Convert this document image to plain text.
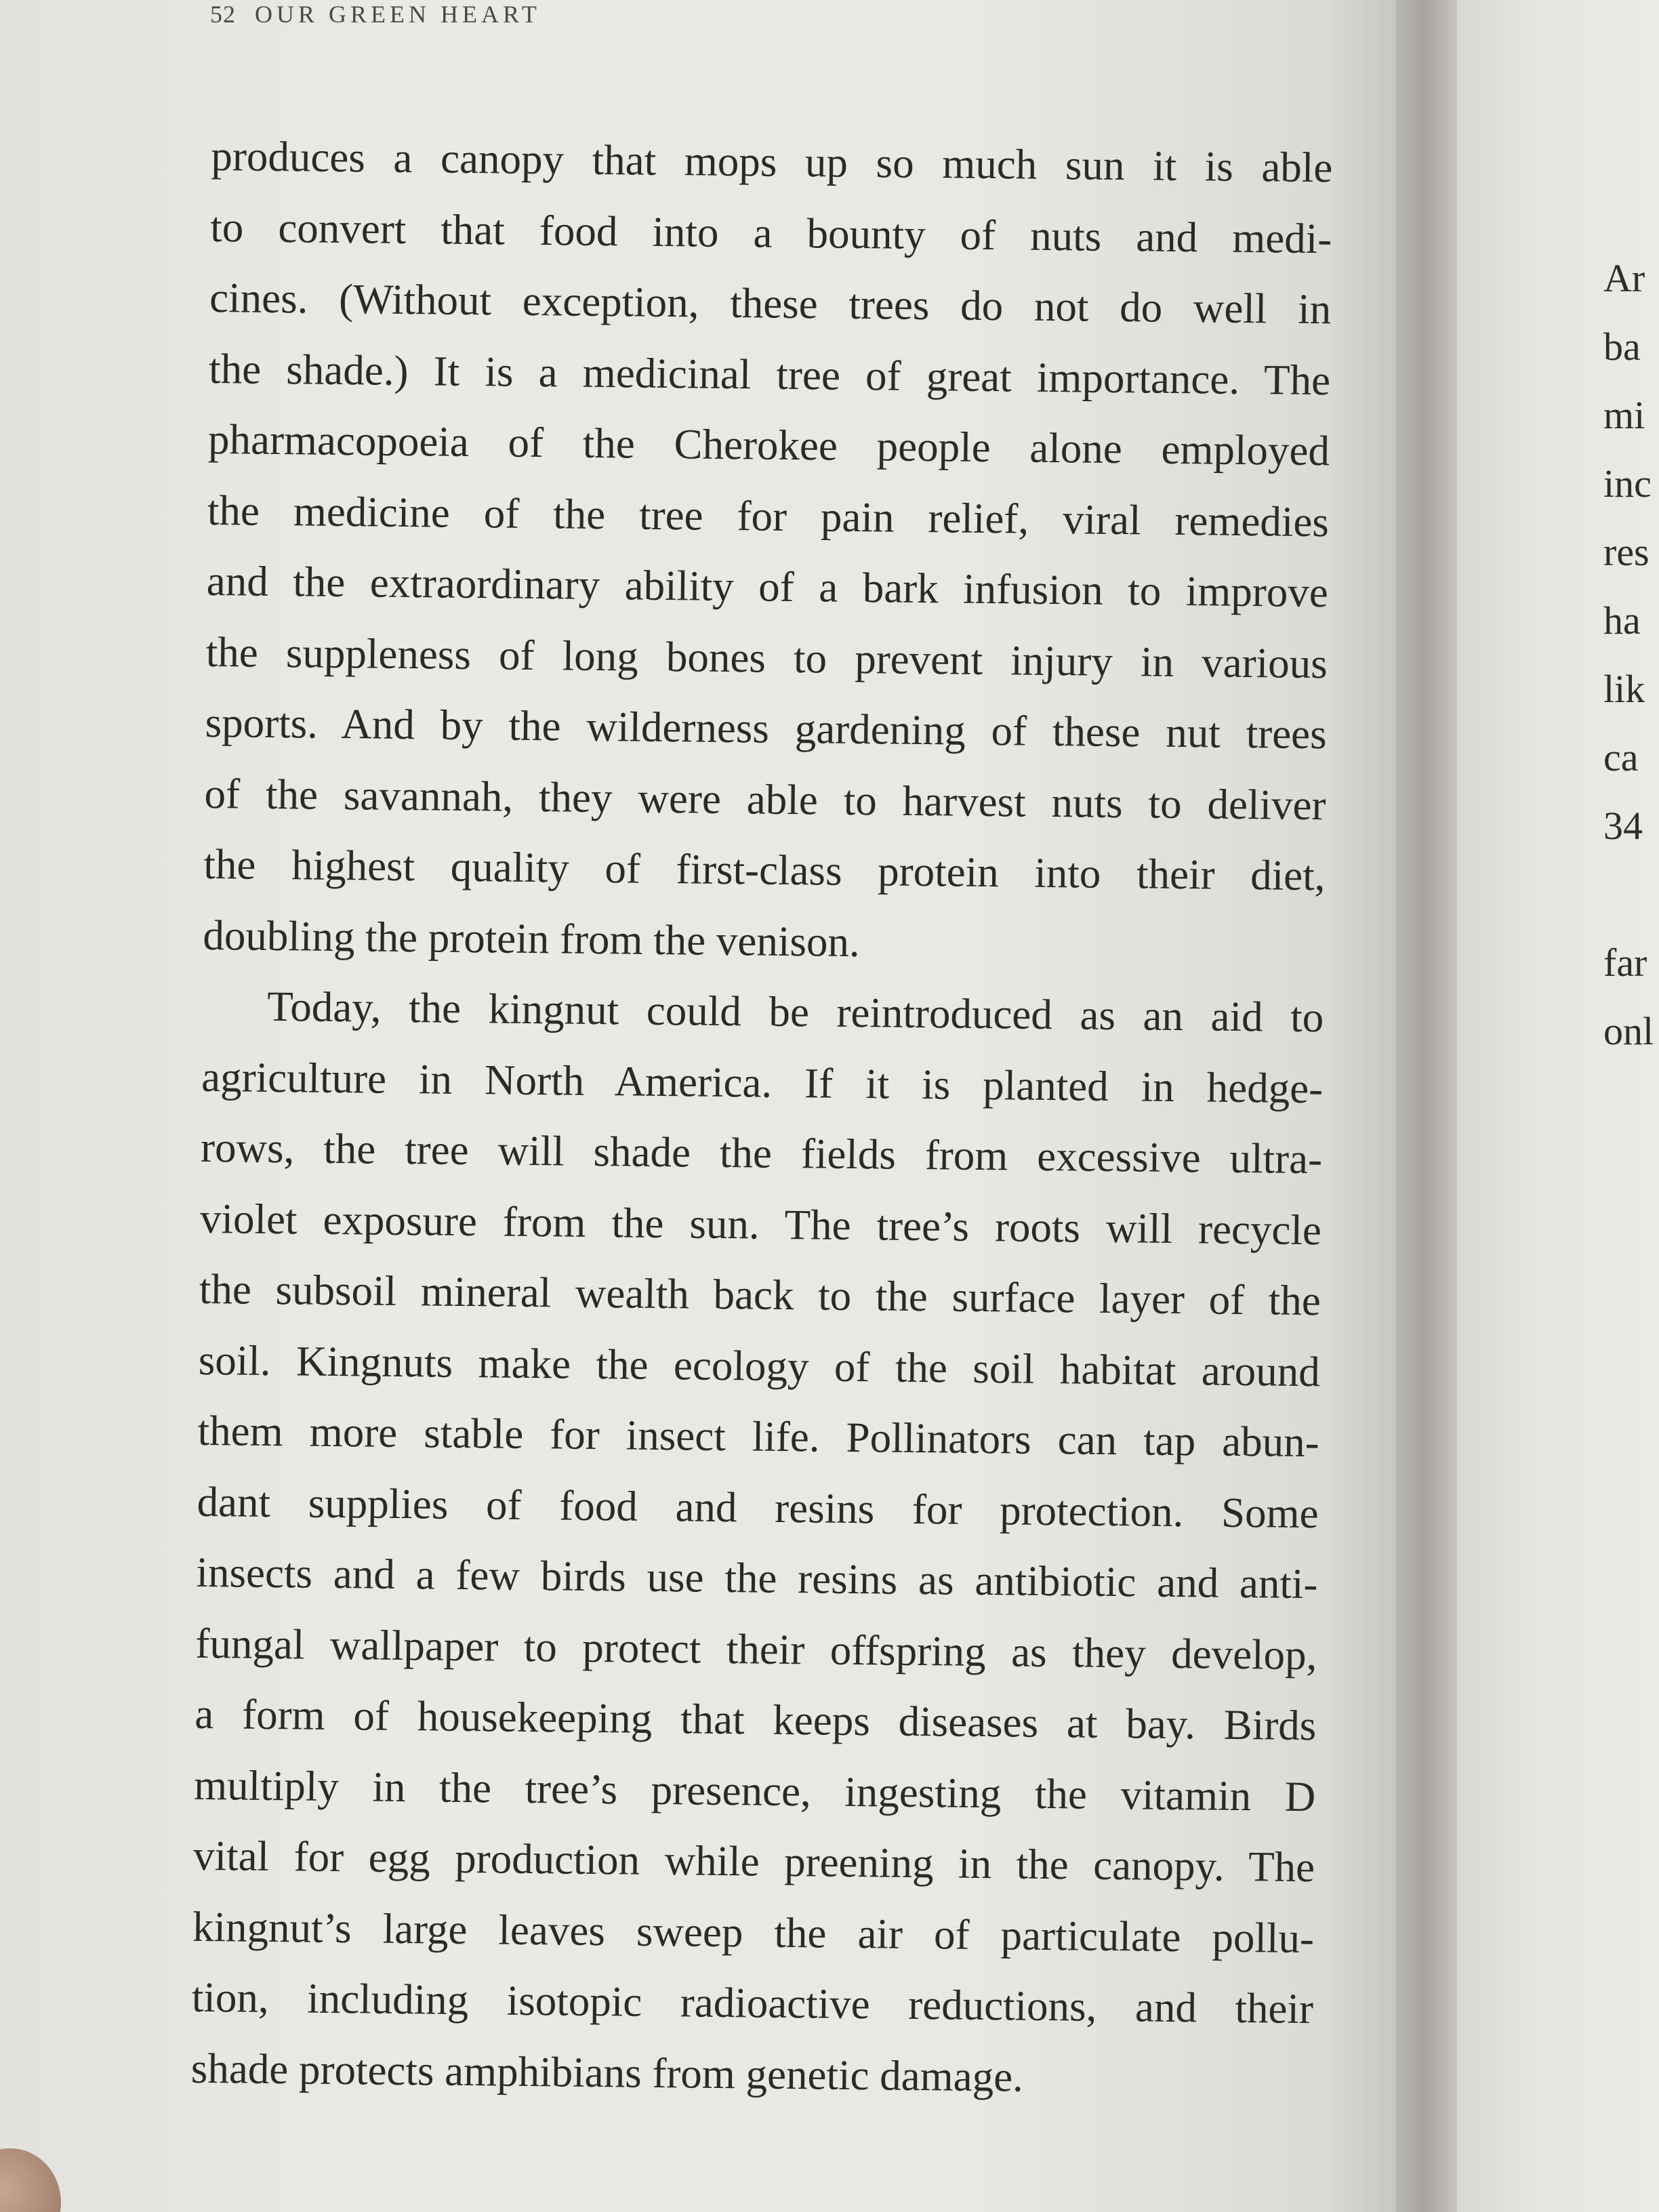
52 OUR GREEN HEART
produces a canopy that mops up so much sun it is able
to convert that food into a bounty of nuts and medi-
cines. (Without exception, these trees do not do well in
the shade.) It is a medicinal tree of great importance. The
pharmacopoeia of the Cherokee people alone employed
the medicine of the tree for pain relief, viral remedies
and the extraordinary ability of a bark infusion to improve
the suppleness of long bones to prevent injury in various
sports. And by the wilderness gardening of these nut trees
of the savannah, they were able to harvest nuts to deliver
the highest quality of first-class protein into their diet,
doubling the protein from the venison.
Today, the kingnut could be reintroduced as an aid to
agriculture in North America. If it is planted in hedge-
rows, the tree will shade the fields from excessive ultra-
violet exposure from the sun. The tree’s roots will recycle
the subsoil mineral wealth back to the surface layer of the
soil. Kingnuts make the ecology of the soil habitat around
them more stable for insect life. Pollinators can tap abun-
dant supplies of food and resins for protection. Some
insects and a few birds use the resins as antibiotic and anti-
fungal wallpaper to protect their offspring as they develop,
a form of housekeeping that keeps diseases at bay. Birds
multiply in the tree’s presence, ingesting the vitamin D
vital for egg production while preening in the canopy. The
kingnut’s large leaves sweep the air of particulate pollu-
tion, including isotopic radioactive reductions, and their
shade protects amphibians from genetic damage.
Ar
ba
mi
inc
res
ha
lik
ca
34
far
onl
